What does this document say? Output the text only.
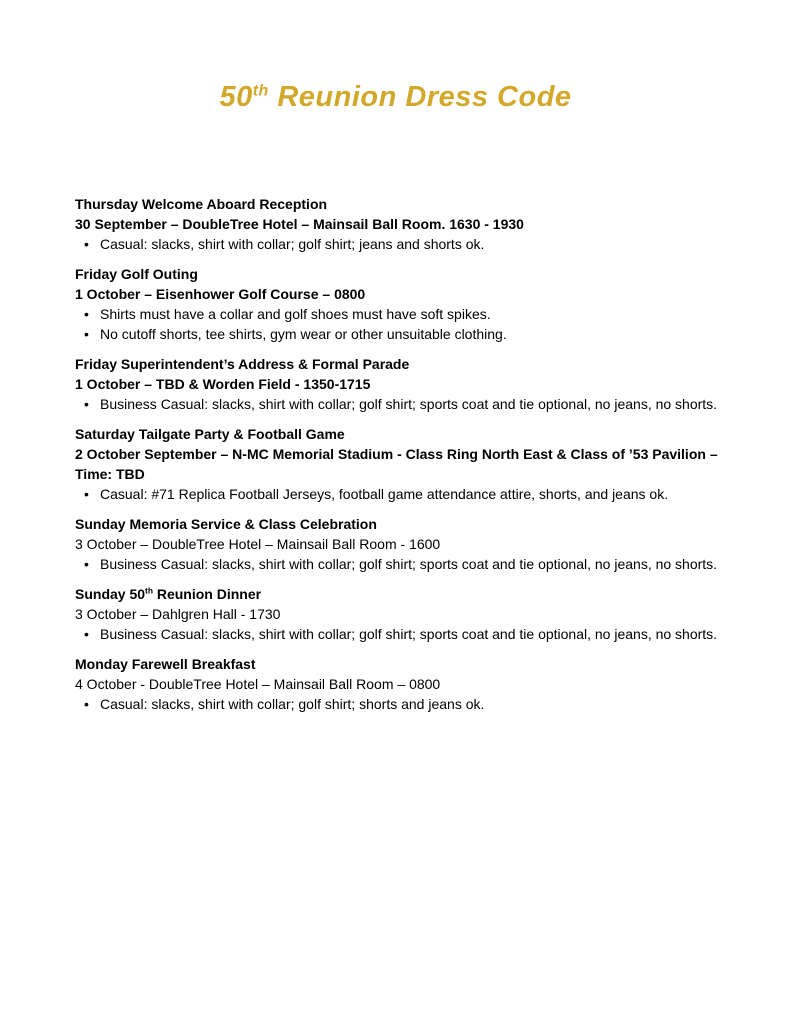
50th Reunion Dress Code
Thursday Welcome Aboard Reception
30 September – DoubleTree Hotel – Mainsail Ball Room. 1630 - 1930
• Casual: slacks, shirt with collar; golf shirt; jeans and shorts ok.
Friday Golf Outing
1 October – Eisenhower Golf Course – 0800
• Shirts must have a collar and golf shoes must have soft spikes.
• No cutoff shorts, tee shirts, gym wear or other unsuitable clothing.
Friday Superintendent’s Address & Formal Parade
1 October – TBD & Worden Field - 1350-1715
• Business Casual: slacks, shirt with collar; golf shirt; sports coat and tie optional, no jeans, no shorts.
Saturday Tailgate Party & Football Game
2 October September – N-MC Memorial Stadium - Class Ring North East & Class of ’53 Pavilion –
Time: TBD
• Casual: #71 Replica Football Jerseys, football game attendance attire, shorts, and jeans ok.
Sunday Memoria Service & Class Celebration
3 October – DoubleTree Hotel – Mainsail Ball Room - 1600
• Business Casual: slacks, shirt with collar; golf shirt; sports coat and tie optional, no jeans, no shorts.
Sunday 50th Reunion Dinner
3 October – Dahlgren Hall - 1730
• Business Casual: slacks, shirt with collar; golf shirt; sports coat and tie optional, no jeans, no shorts.
Monday Farewell Breakfast
4 October - DoubleTree Hotel – Mainsail Ball Room – 0800
• Casual: slacks, shirt with collar; golf shirt; shorts and jeans ok.
